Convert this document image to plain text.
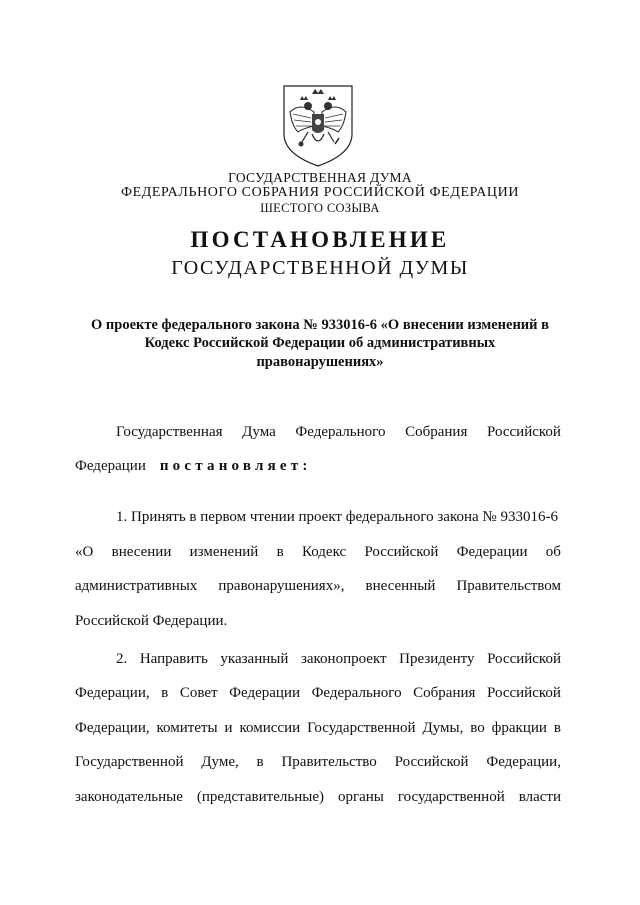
ГОСУДАРСТВЕННАЯ ДУМА
ФЕДЕРАЛЬНОГО СОБРАНИЯ РОССИЙСКОЙ ФЕДЕРАЦИИ
ШЕСТОГО СОЗЫВА
ПОСТАНОВЛЕНИЕ
ГОСУДАРСТВЕННОЙ ДУМЫ
О проекте федерального закона № 933016-6 «О внесении изменений в
Кодекс Российской Федерации об административных
правонарушениях»
Государственная Дума Федерального Собрания Российской
Федерации постановляет:
1. Принять в первом чтении проект федерального закона № 933016-6
«О внесении изменений в Кодекс Российской Федерации об
административных правонарушениях», внесенный Правительством
Российской Федерации.
2. Направить указанный законопроект Президенту Российской
Федерации, в Совет Федерации Федерального Собрания Российской
Федерации, комитеты и комиссии Государственной Думы, во фракции в
Государственной Думе, в Правительство Российской Федерации,
законодательные (представительные) органы государственной власти
